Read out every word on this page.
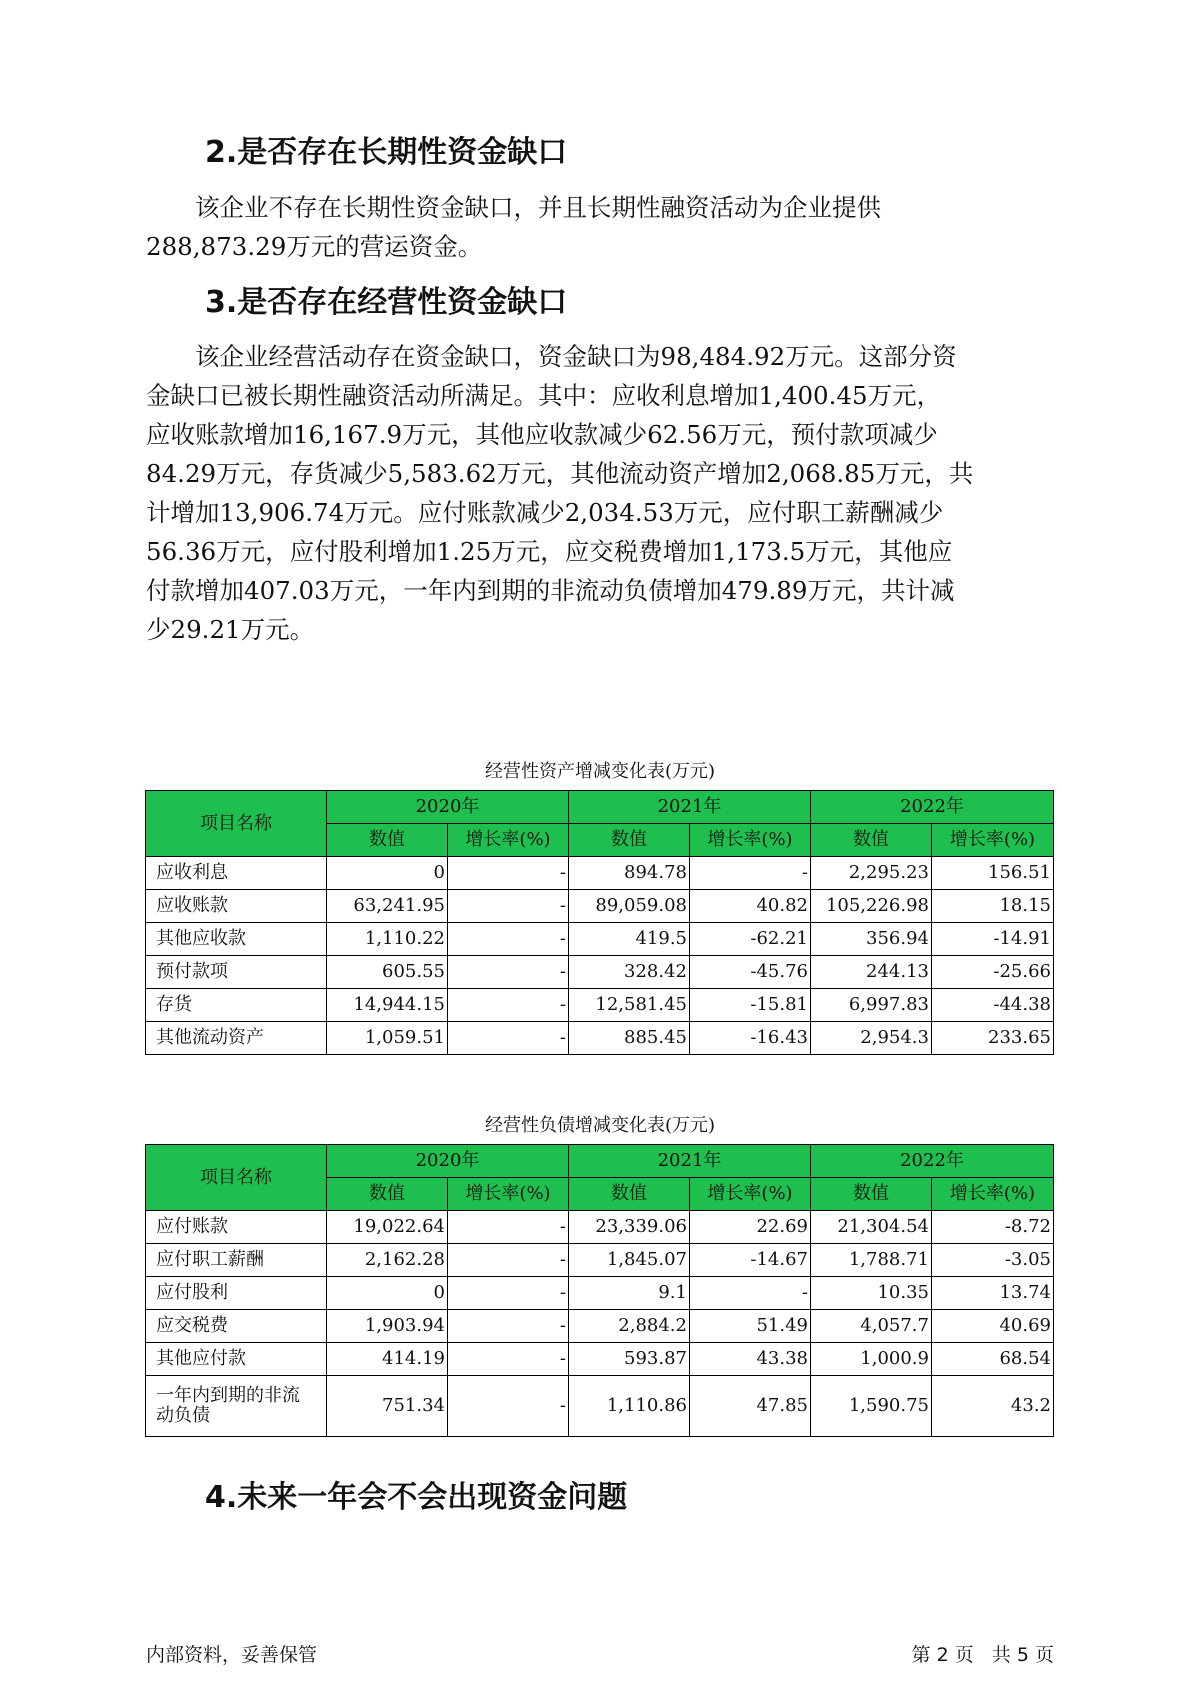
2.是否存在长期性资金缺口

　　该企业不存在长期性资金缺口，并且长期性融资活动为企业提供
288,873.29万元的营运资金。

3.是否存在经营性资金缺口

　　该企业经营活动存在资金缺口，资金缺口为98,484.92万元。这部分资
金缺口已被长期性融资活动所满足。其中：应收利息增加1,400.45万元，
应收账款增加16,167.9万元，其他应收款减少62.56万元，预付款项减少
84.29万元，存货减少5,583.62万元，其他流动资产增加2,068.85万元，共
计增加13,906.74万元。应付账款减少2,034.53万元，应付职工薪酬减少
56.36万元，应付股利增加1.25万元，应交税费增加1,173.5万元，其他应
付款增加407.03万元，一年内到期的非流动负债增加479.89万元，共计减
少29.21万元。

经营性资产增减变化表(万元)
项目名称	2020年		2021年		2022年	
	数值	增长率(%)	数值	增长率(%)	数值	增长率(%)
应收利息	0	-	894.78	-	2,295.23	156.51
应收账款	63,241.95	-	89,059.08	40.82	105,226.98	18.15
其他应收款	1,110.22	-	419.5	-62.21	356.94	-14.91
预付款项	605.55	-	328.42	-45.76	244.13	-25.66
存货	14,944.15	-	12,581.45	-15.81	6,997.83	-44.38
其他流动资产	1,059.51	-	885.45	-16.43	2,954.3	233.65
经营性负债增减变化表(万元)
项目名称	2020年		2021年		2022年	
	数值	增长率(%)	数值	增长率(%)	数值	增长率(%)
应付账款	19,022.64	-	23,339.06	22.69	21,304.54	-8.72
应付职工薪酬	2,162.28	-	1,845.07	-14.67	1,788.71	-3.05
应付股利	0	-	9.1	-	10.35	13.74
应交税费	1,903.94	-	2,884.2	51.49	4,057.7	40.69
其他应付款	414.19	-	593.87	43.38	1,000.9	68.54

一年内到期的非流
动负债	751.34	-	1,110.86	47.85	1,590.75	43.2
4.未来一年会不会出现资金问题
内部资料，妥善保管	第 2 页   共 5 页
